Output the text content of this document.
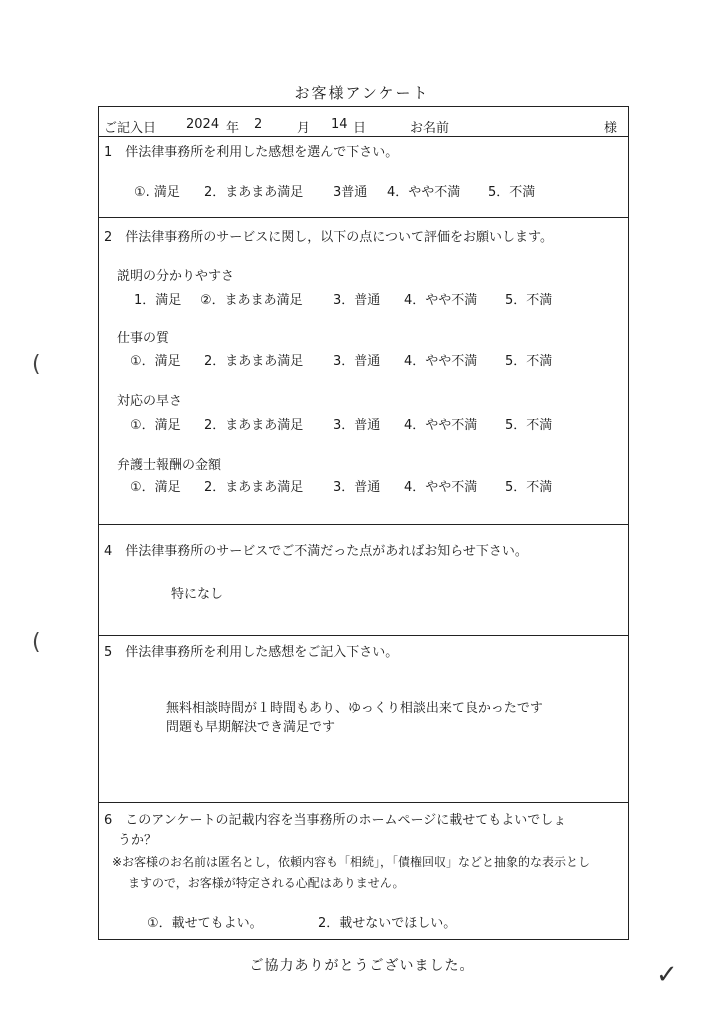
お客様アンケート
ご記入日 2024 年 2	月 14 日	お名前	様
1　伴法律事務所を利用した感想を選んで下さい。
①. 満足 2．まあまあ満足 3普通 4．やや不満 5．不満
2　伴法律事務所のサービスに関し，以下の点について評価をお願いします。
説明の分かりやすさ
1．満足 ②．まあまあ満足 3．普通 4．やや不満 5．不満
仕事の質
①．満足 2．まあまあ満足 3．普通 4．やや不満 5．不満
対応の早さ
①．満足 2．まあまあ満足 3．普通 4．やや不満 5．不満
弁護士報酬の金額
①．満足 2．まあまあ満足 3．普通 4．やや不満 5．不満
4　伴法律事務所のサービスでご不満だった点があればお知らせ下さい。
特になし
5　伴法律事務所を利用した感想をご記入下さい。
無料相談時間が１時間もあり、ゆっくり相談出来て良かったです
問題も早期解決でき満足です
6　このアンケートの記載内容を当事務所のホームページに載せてもよいでしょ
うか？
※お客様のお名前は匿名とし，依頼内容も「相続」，「債権回収」などと抽象的な表示とし
ますので，お客様が特定される心配はありません。
①．載せてもよい。	2．載せないでほしい。
ご協力ありがとうございました。	✓
(
(
